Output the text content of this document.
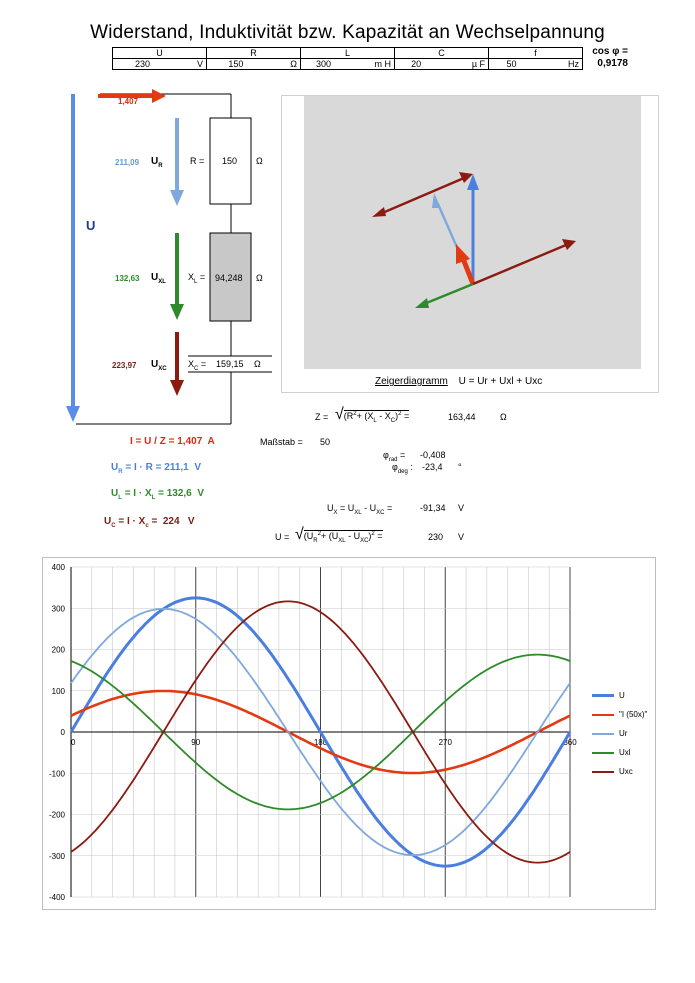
Widerstand, Induktivität bzw. Kapazität an Wechselpannung
U		R		L		C		f	
230	V	150	Ω	300	m H	20	µ F	50	Hz
cos φ =
0,9178
1,407
U
211,09 $U_R$
132,63 $U_{XL}$
223,97 $U_{XC}$
R = 150 Ω
$X_L = 94,248$ Ω
$X_C = 159,15$ Ω
Zeigerdiagramm U = Ur + Uxl + Uxc
$Z = √(R^2+ (X_L - X_C)^2$ =	163,44	Ω
Maßstab = 50
$\varphi_{rad} = -0,408$
$\varphi_{deg}$ : -23,4 °
I = U / Z = 1,407 A
$U_R = I \cdot R = 211,1$ V
$U_L = I \cdot X_L = 132,6$ V
$U_C = I \cdot X_c = 224$ V
$U_X = U_{XL} - U_{XC}$ =	-91,34 V
$U = √(U_R^2+ (U_{XL} - U_{XC})^2$ =	230 V
400
300
200
100
0
-100
-200
-300
-400
0	90	180	270	360
U
"I (50x)"
Ur
Uxl
Uxc
